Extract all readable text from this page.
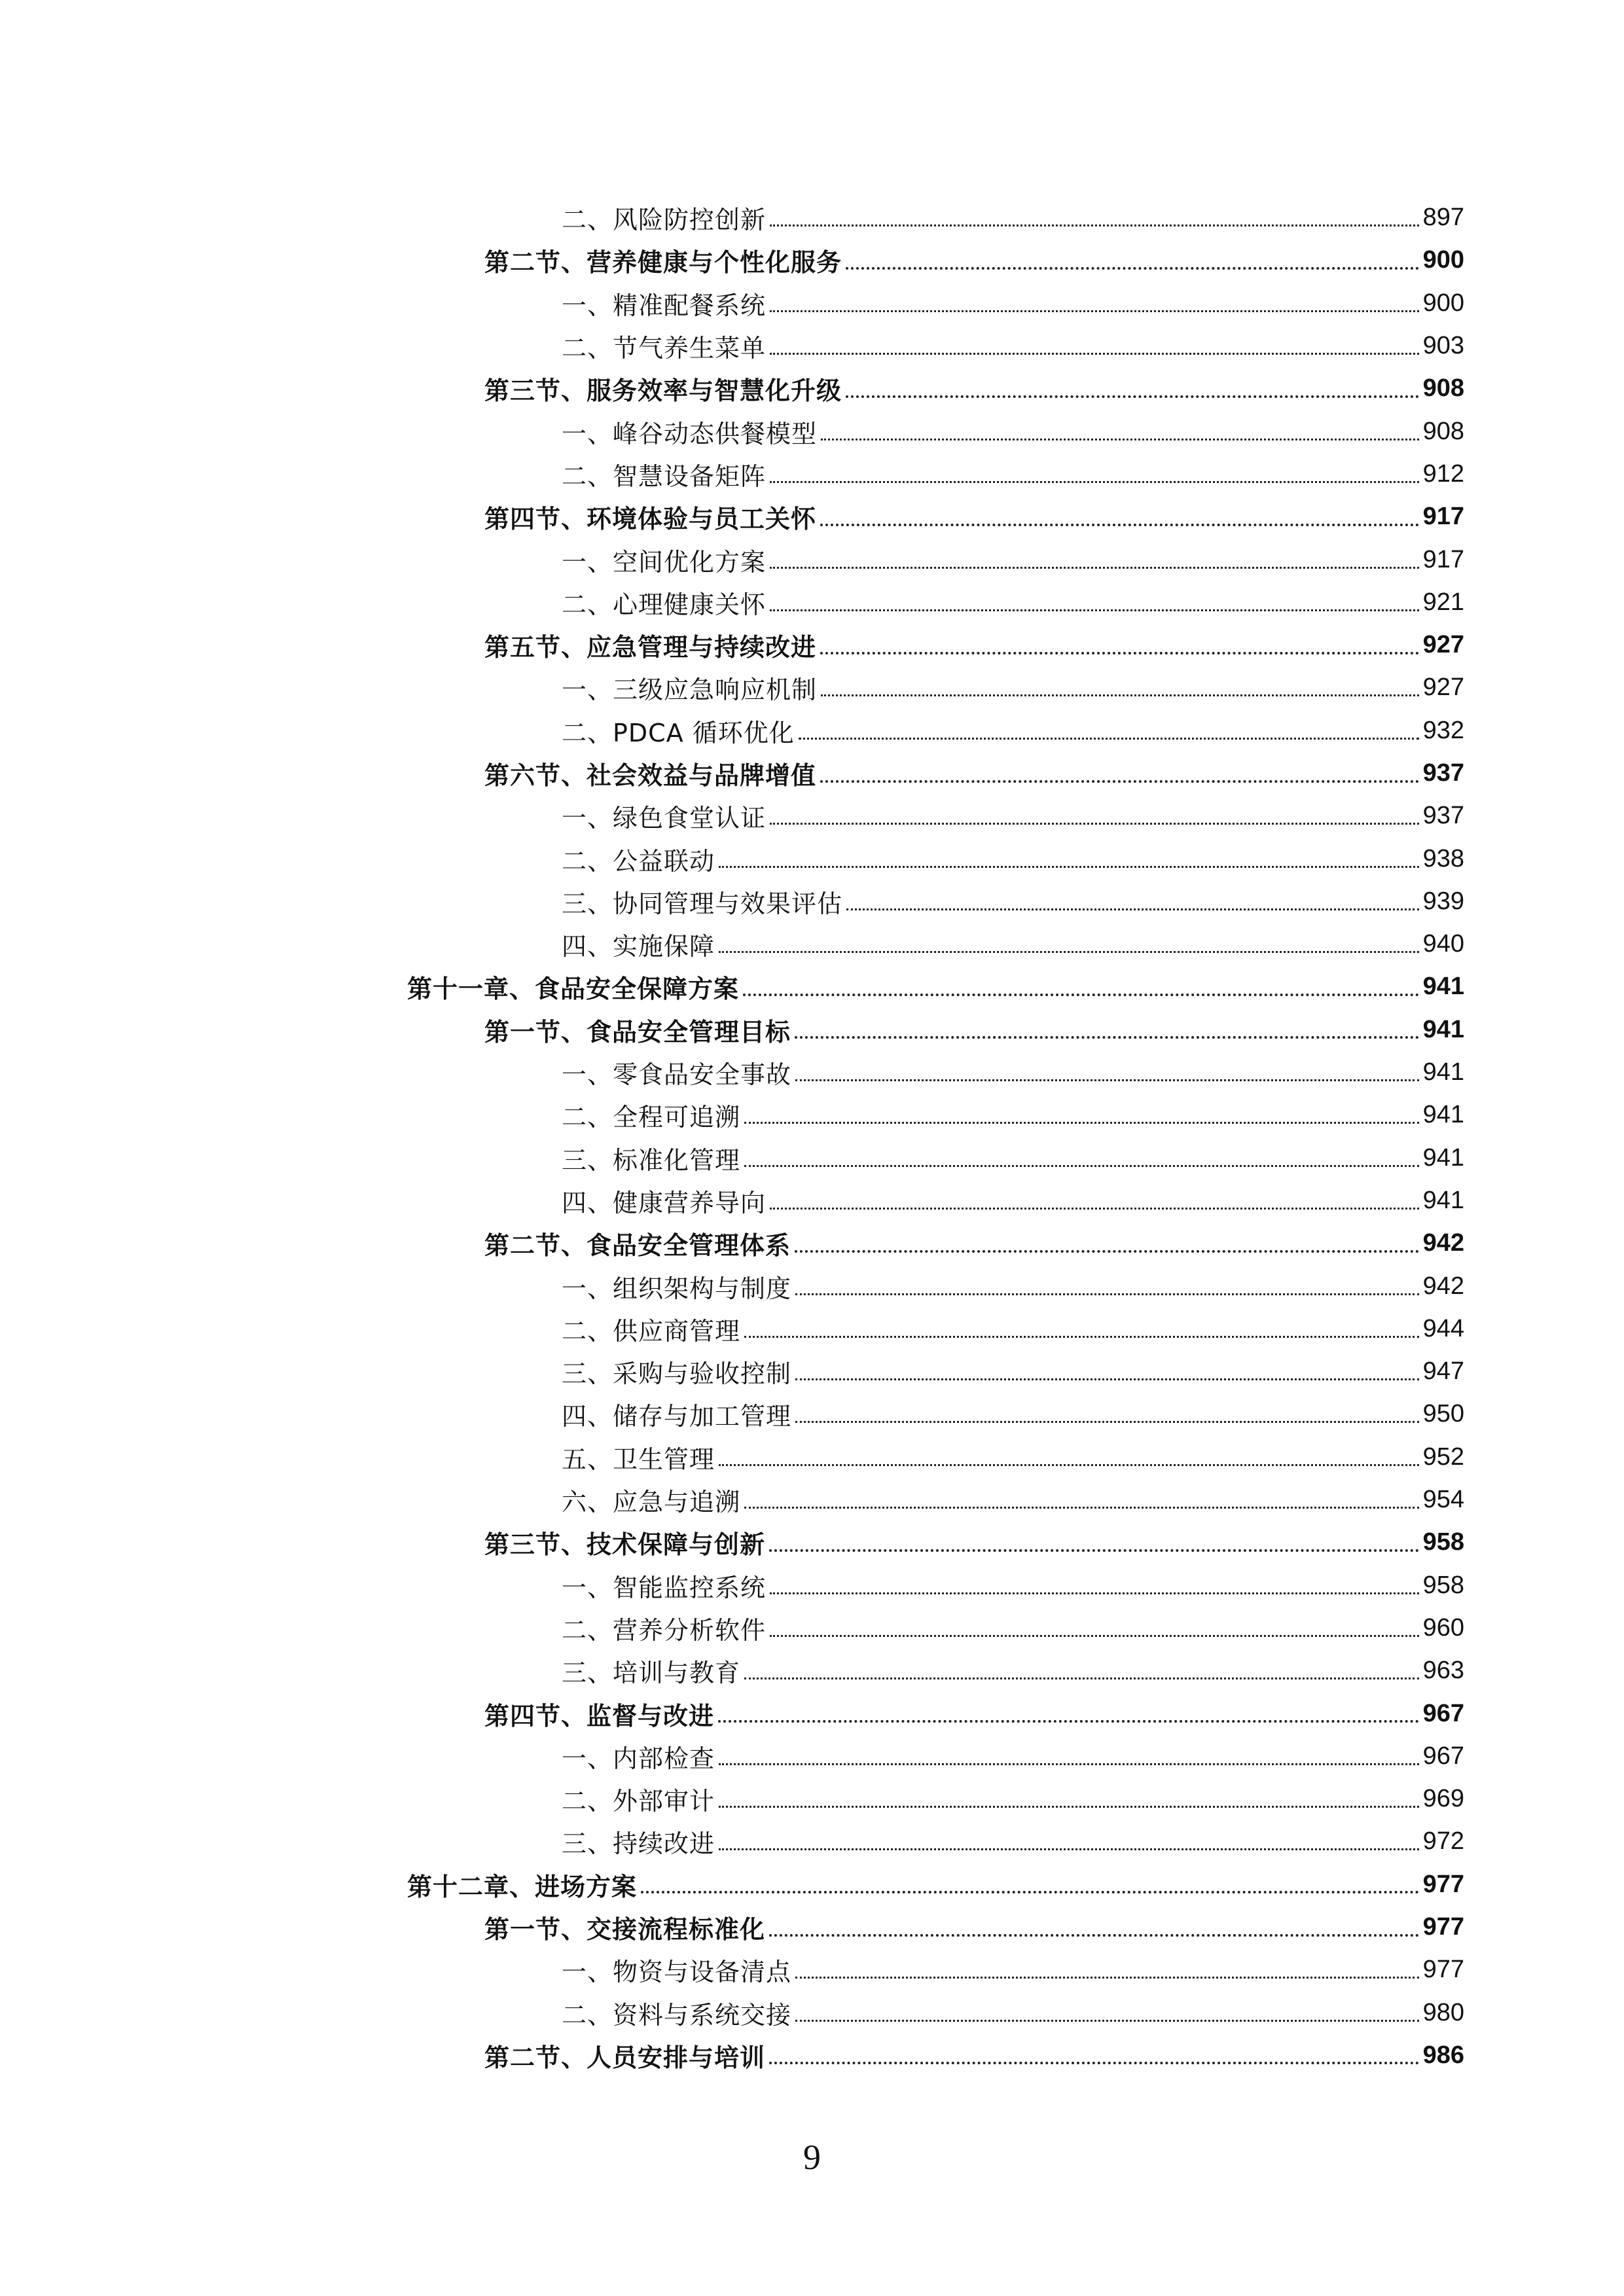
二、风险防控创新	897
第二节、营养健康与个性化服务	900
一、精准配餐系统	900
二、节气养生菜单	903
第三节、服务效率与智慧化升级	908
一、峰谷动态供餐模型	908
二、智慧设备矩阵	912
第四节、环境体验与员工关怀	917
一、空间优化方案	917
二、心理健康关怀	921
第五节、应急管理与持续改进	927
一、三级应急响应机制	927
二、PDCA 循环优化	932
第六节、社会效益与品牌增值	937
一、绿色食堂认证	937
二、公益联动	938
三、协同管理与效果评估	939
四、实施保障	940
第十一章、食品安全保障方案	941
第一节、食品安全管理目标	941
一、零食品安全事故	941
二、全程可追溯	941
三、标准化管理	941
四、健康营养导向	941
第二节、食品安全管理体系	942
一、组织架构与制度	942
二、供应商管理	944
三、采购与验收控制	947
四、储存与加工管理	950
五、卫生管理	952
六、应急与追溯	954
第三节、技术保障与创新	958
一、智能监控系统	958
二、营养分析软件	960
三、培训与教育	963
第四节、监督与改进	967
一、内部检查	967
二、外部审计	969
三、持续改进	972
第十二章、进场方案	977
第一节、交接流程标准化	977
一、物资与设备清点	977
二、资料与系统交接	980
第二节、人员安排与培训	986
9
